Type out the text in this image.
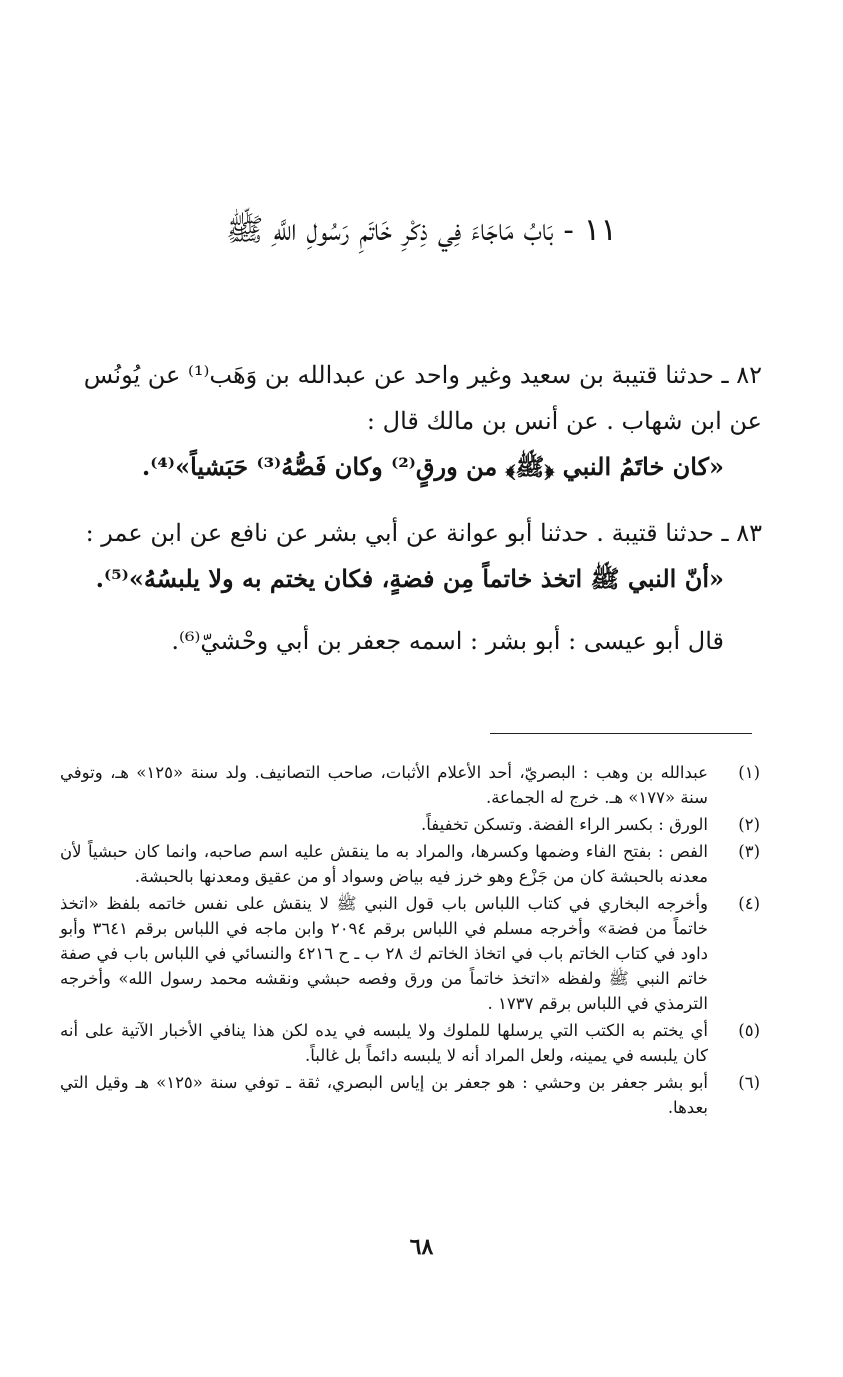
١١ - بَابُ مَاجَاءَ فِي ذِكْرِ خَاتَمِ رَسُولِ اللَّهِ ﷺ
٨٢ ـ حدثنا قتيبة بن سعيد وغير واحد عن عبدالله بن وَهَب⁽¹⁾ عن يُونُس
عن ابن شهاب . عن أنس بن مالك قال :
«كان خاتَمُ النبي ﴿ﷺ﴾ من ورقٍ⁽²⁾ وكان فَصُّهُ⁽³⁾ حَبَشياً»⁽⁴⁾.
٨٣ ـ حدثنا قتيبة . حدثنا أبو عوانة عن أبي بشر عن نافع عن ابن عمر :
«أنّ النبي ﷺ اتخذ خاتماً مِن فضةٍ، فكان يختم به ولا يلبسُهُ»⁽⁵⁾.
قال أبو عيسى : أبو بشر : اسمه جعفر بن أبي وحْشيّ⁽⁶⁾.
(١)
عبدالله بن وهب : البصريّ، أحد الأعلام الأثبات، صاحب التصانيف. ولد سنة «١٢٥» هـ، وتوفي سنة «١٧٧» هـ. خرج له الجماعة.
(٢)
الورق : بكسر الراء الفضة. وتسكن تخفيفاً.
(٣)
الفص : بفتح الفاء وضمها وكسرها، والمراد به ما ينقش عليه اسم صاحبه، وانما كان حبشياً لأن معدنه بالحبشة كان من جَزْع وهو خرز فيه بياض وسواد أو من عقيق ومعدنها بالحبشة.
(٤)
وأخرجه البخاري في كتاب اللباس باب قول النبي ﷺ لا ينقش على نفس خاتمه بلفظ «اتخذ خاتماً من فضة» وأخرجه مسلم في اللباس برقم ٢٠٩٤ وابن ماجه في اللباس برقم ٣٦٤١ وأبو داود في كتاب الخاتم باب في اتخاذ الخاتم ك ٢٨ ب ـ ح ٤٢١٦ والنسائي في اللباس باب في صفة خاتم النبي ﷺ ولفظه «اتخذ خاتماً من ورق وفصه حبشي ونقشه محمد رسول الله» وأخرجه الترمذي في اللباس برقم ١٧٣٧ .
(٥)
أي يختم به الكتب التي يرسلها للملوك ولا يلبسه في يده لكن هذا ينافي الأخبار الآتية على أنه كان يلبسه في يمينه، ولعل المراد أنه لا يلبسه دائماً بل غالباً.
(٦)
أبو بشر جعفر بن وحشي : هو جعفر بن إياس البصري، ثقة ـ توفي سنة «١٢٥» هـ وقيل التي بعدها.
٦٨
